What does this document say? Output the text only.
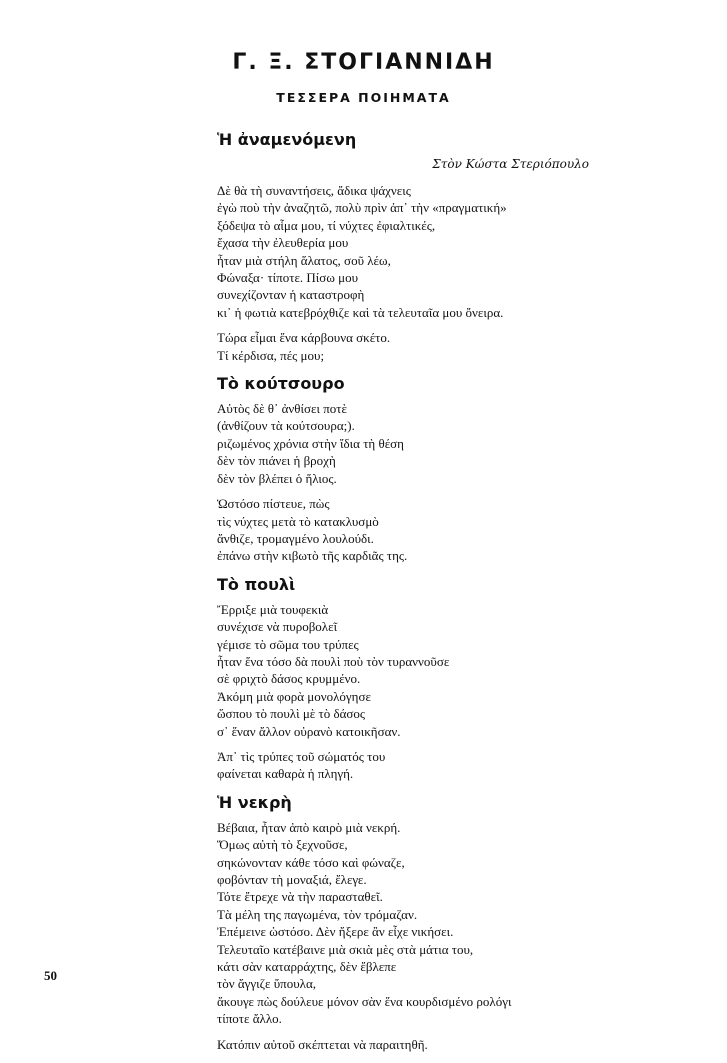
Γ. Ξ. ΣΤΟΓΙΑΝΝΙΔΗ
ΤΕΣΣΕΡΑ ΠΟΙΗΜΑΤΑ
Ἡ ἀναμενόμενη
Στὸν Κώστα Στεριόπουλο
Δὲ θὰ τὴ συναντήσεις, ἄδικα ψάχνεις
ἐγὼ ποὺ τὴν ἀναζητῶ, πολὺ πρὶν ἀπ᾿ τὴν «πραγματική»
ξόδεψα τὸ αἷμα μου, τί νύχτες ἐφιαλτικές,
ἔχασα τὴν ἐλευθερία μου
ἦταν μιὰ στήλη ἅλατος, σοῦ λέω,
Φώναξα· τίποτε. Πίσω μου
συνεχίζονταν ἡ καταστροφὴ
κι᾿ ἡ φωτιὰ κατεβρόχθιζε καὶ τὰ τελευταῖα μου ὄνειρα.
Τώρα εἶμαι ἕνα κάρβουνα σκέτο.
Τί κέρδισα, πές μου;
Τὸ κούτσουρο
Αὐτὸς δὲ θ᾿ ἀνθίσει ποτὲ
(ἀνθίζουν τὰ κούτσουρα;).
ριζωμένος χρόνια στὴν ἴδια τὴ θέση
δὲν τὸν πιάνει ἡ βροχὴ
δὲν τὸν βλέπει ὁ ἥλιος.
Ὡστόσο πίστευε, πὼς
τὶς νύχτες μετὰ τὸ κατακλυσμὸ
ἄνθιζε, τρομαγμένο λουλούδι.
ἐπάνω στὴν κιβωτὸ τῆς καρδιᾶς της.
Τὸ πουλὶ
Ἔρριξε μιὰ τουφεκιὰ
συνέχισε νὰ πυροβολεῖ
γέμισε τὸ σῶμα του τρύπες
ἦταν ἕνα τόσο δὰ πουλὶ ποὺ τὸν τυραννοῦσε
σὲ φριχτὸ δάσος κρυμμένο.
Ἀκόμη μιὰ φορὰ μονολόγησε
ὥσπου τὸ πουλὶ μὲ τὸ δάσος
σ᾿ ἕναν ἄλλον οὐρανὸ κατοικῆσαν.
Ἀπ᾿ τὶς τρύπες τοῦ σώματός του
φαίνεται καθαρὰ ἡ πληγή.
Ἡ νεκρὴ
Βέβαια, ἦταν ἀπὸ καιρὸ μιὰ νεκρή.
Ὅμως αὐτὴ τὸ ξεχνοῦσε,
σηκώνονταν κάθε τόσο καὶ φώναζε,
φοβόνταν τὴ μοναξιά, ἔλεγε.
Τότε ἔτρεχε νὰ τὴν παρασταθεῖ.
Τὰ μέλη της παγωμένα, τὸν τρόμαζαν.
Ἐπέμεινε ὡστόσο. Δὲν ἤξερε ἂν εἶχε νικήσει.
Τελευταῖο κατέβαινε μιὰ σκιὰ μὲς στὰ μάτια του,
κάτι σὰν καταρράχτης, δὲν ἔβλεπε
τὸν ἄγγιζε ὕπουλα,
ἄκουγε πὼς δούλευε μόνον σὰν ἕνα κουρδισμένο ρολόγι
τίποτε ἄλλο.
Κατόπιν αὐτοῦ σκέπτεται νὰ παραιτηθῆ.
50
